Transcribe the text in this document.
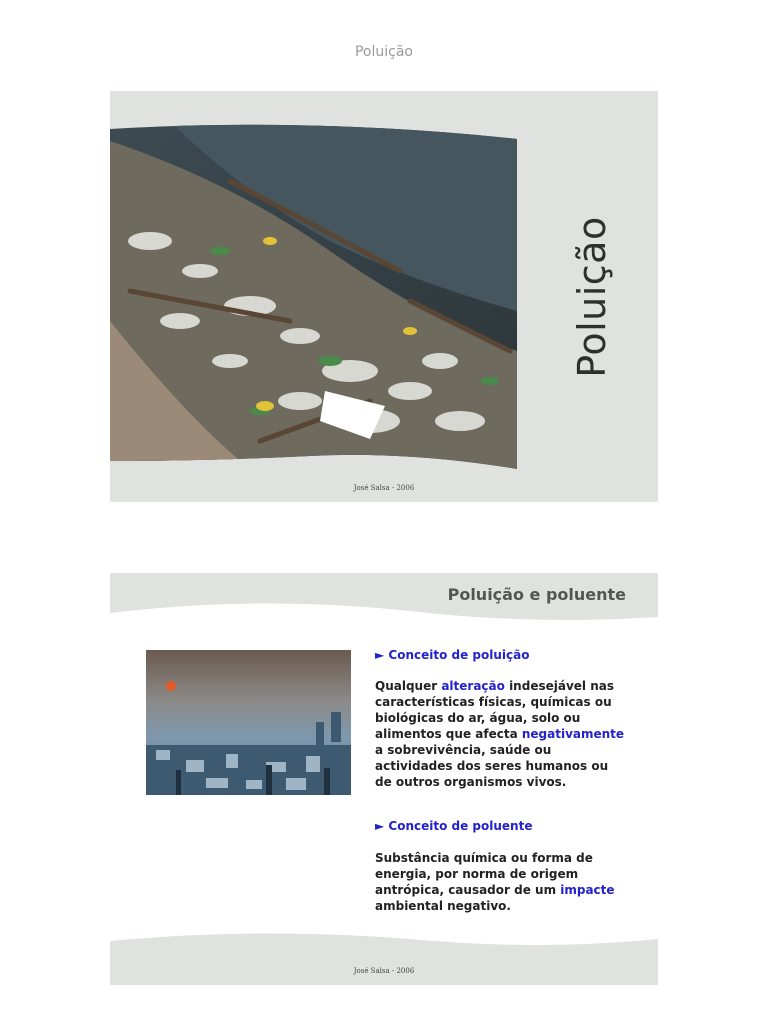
Poluição
Poluição
José Salsa - 2006
Poluição e poluente
► Conceito de poluição
Qualquer alteração indesejável nas características físicas, químicas ou biológicas do ar, água, solo ou alimentos que afecta negativamente a sobrevivência, saúde ou actividades dos seres humanos ou de outros organismos vivos.
► Conceito de poluente
Substância química ou forma de energia, por norma de origem antrópica, causador de um impacte ambiental negativo.
José Salsa - 2006
